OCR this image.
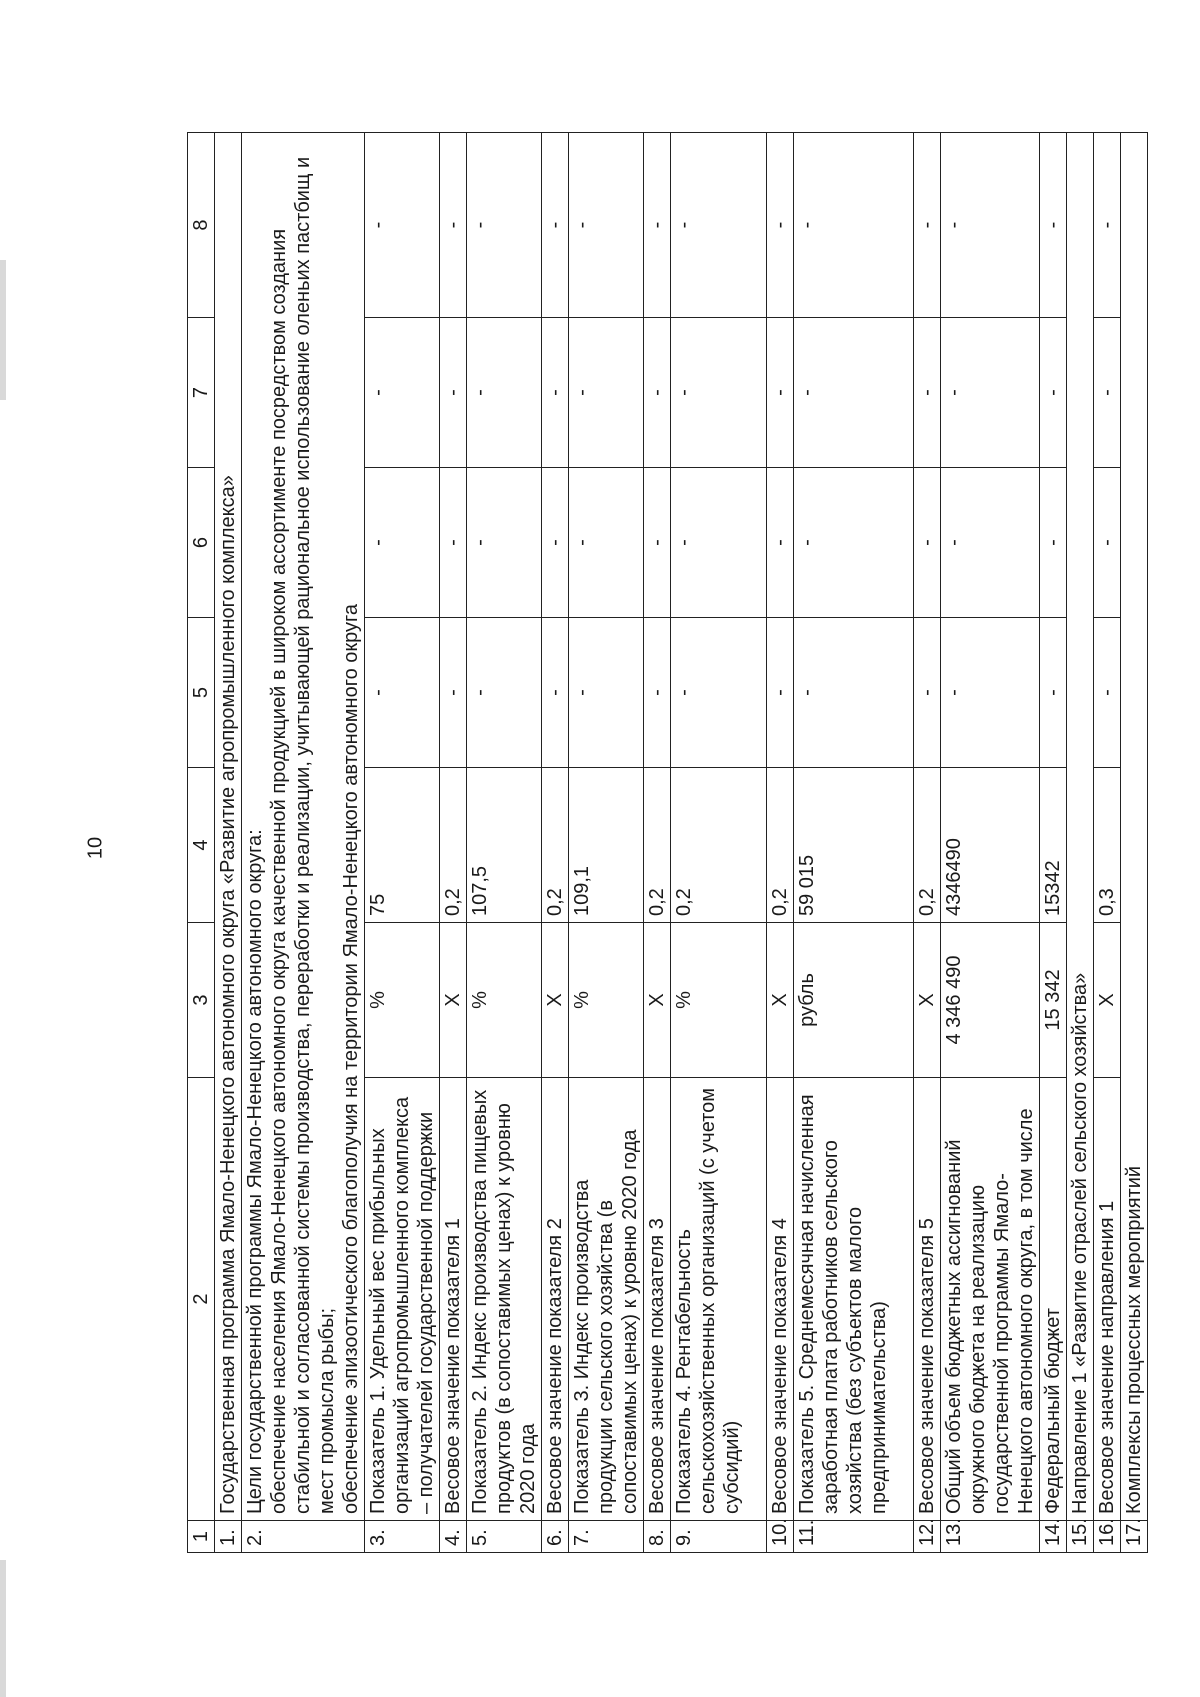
10
1	2	3	4	5	6	7	8
1.	Государственная программа Ямало-Ненецкого автономного округа «Развитие агропромышленного комплекса»						
2.	Цели государственной программы Ямало-Ненецкого автономного округа: обеспечение населения Ямало-Ненецкого автономного округа качественной продукцией в широком ассортименте посредством создания стабильной и согласованной системы производства, переработки и реализации, учитывающей рациональное использование оленьих пастбищ и мест промысла рыбы; обеспечение эпизоотического благополучия на территории Ямало-Ненецкого автономного округа						

3.	Показатель 1. Удельный вес прибыльных организаций агропромышленного комплекса – получателей государственной поддержки	%	75	-	-	-	-
4.	Весовое значение показателя 1	X	0,2	-	-	-	-
5.	Показатель 2. Индекс производства пищевых продуктов (в сопоставимых ценах) к уровню 2020 года	%	107,5	-	-	-	-
6.	Весовое значение показателя 2	X	0,2	-	-	-	-
7.	Показатель 3. Индекс производства продукции сельского хозяйства (в сопоставимых ценах) к уровню 2020 года	%	109,1	-	-	-	-
8.	Весовое значение показателя 3	X	0,2	-	-	-	-
9.	Показатель 4. Рентабельность сельскохозяйственных организаций (с учетом субсидий)	%	0,2	-	-	-	-
10.	Весовое значение показателя 4	X	0,2	-	-	-	-
11.	Показатель 5. Среднемесячная начисленная заработная плата работников сельского хозяйства (без субъектов малого предпринимательства)	рубль	59 015	-	-	-	-
12.	Весовое значение показателя 5	X	0,2	-	-	-	-
13.	Общий объем бюджетных ассигнований окружного бюджета на реализацию государственной программы Ямало-Ненецкого автономного округа, в том числе	4 346 490	4346490	-	-	-	-
14.	Федеральный бюджет	15 342	15342	-	-	-	-
15.	Направление 1 «Развитие отраслей сельского хозяйства»						
16.	Весовое значение направления 1	X	0,3	-	-	-	-
17.	Комплексы процессных мероприятий						
